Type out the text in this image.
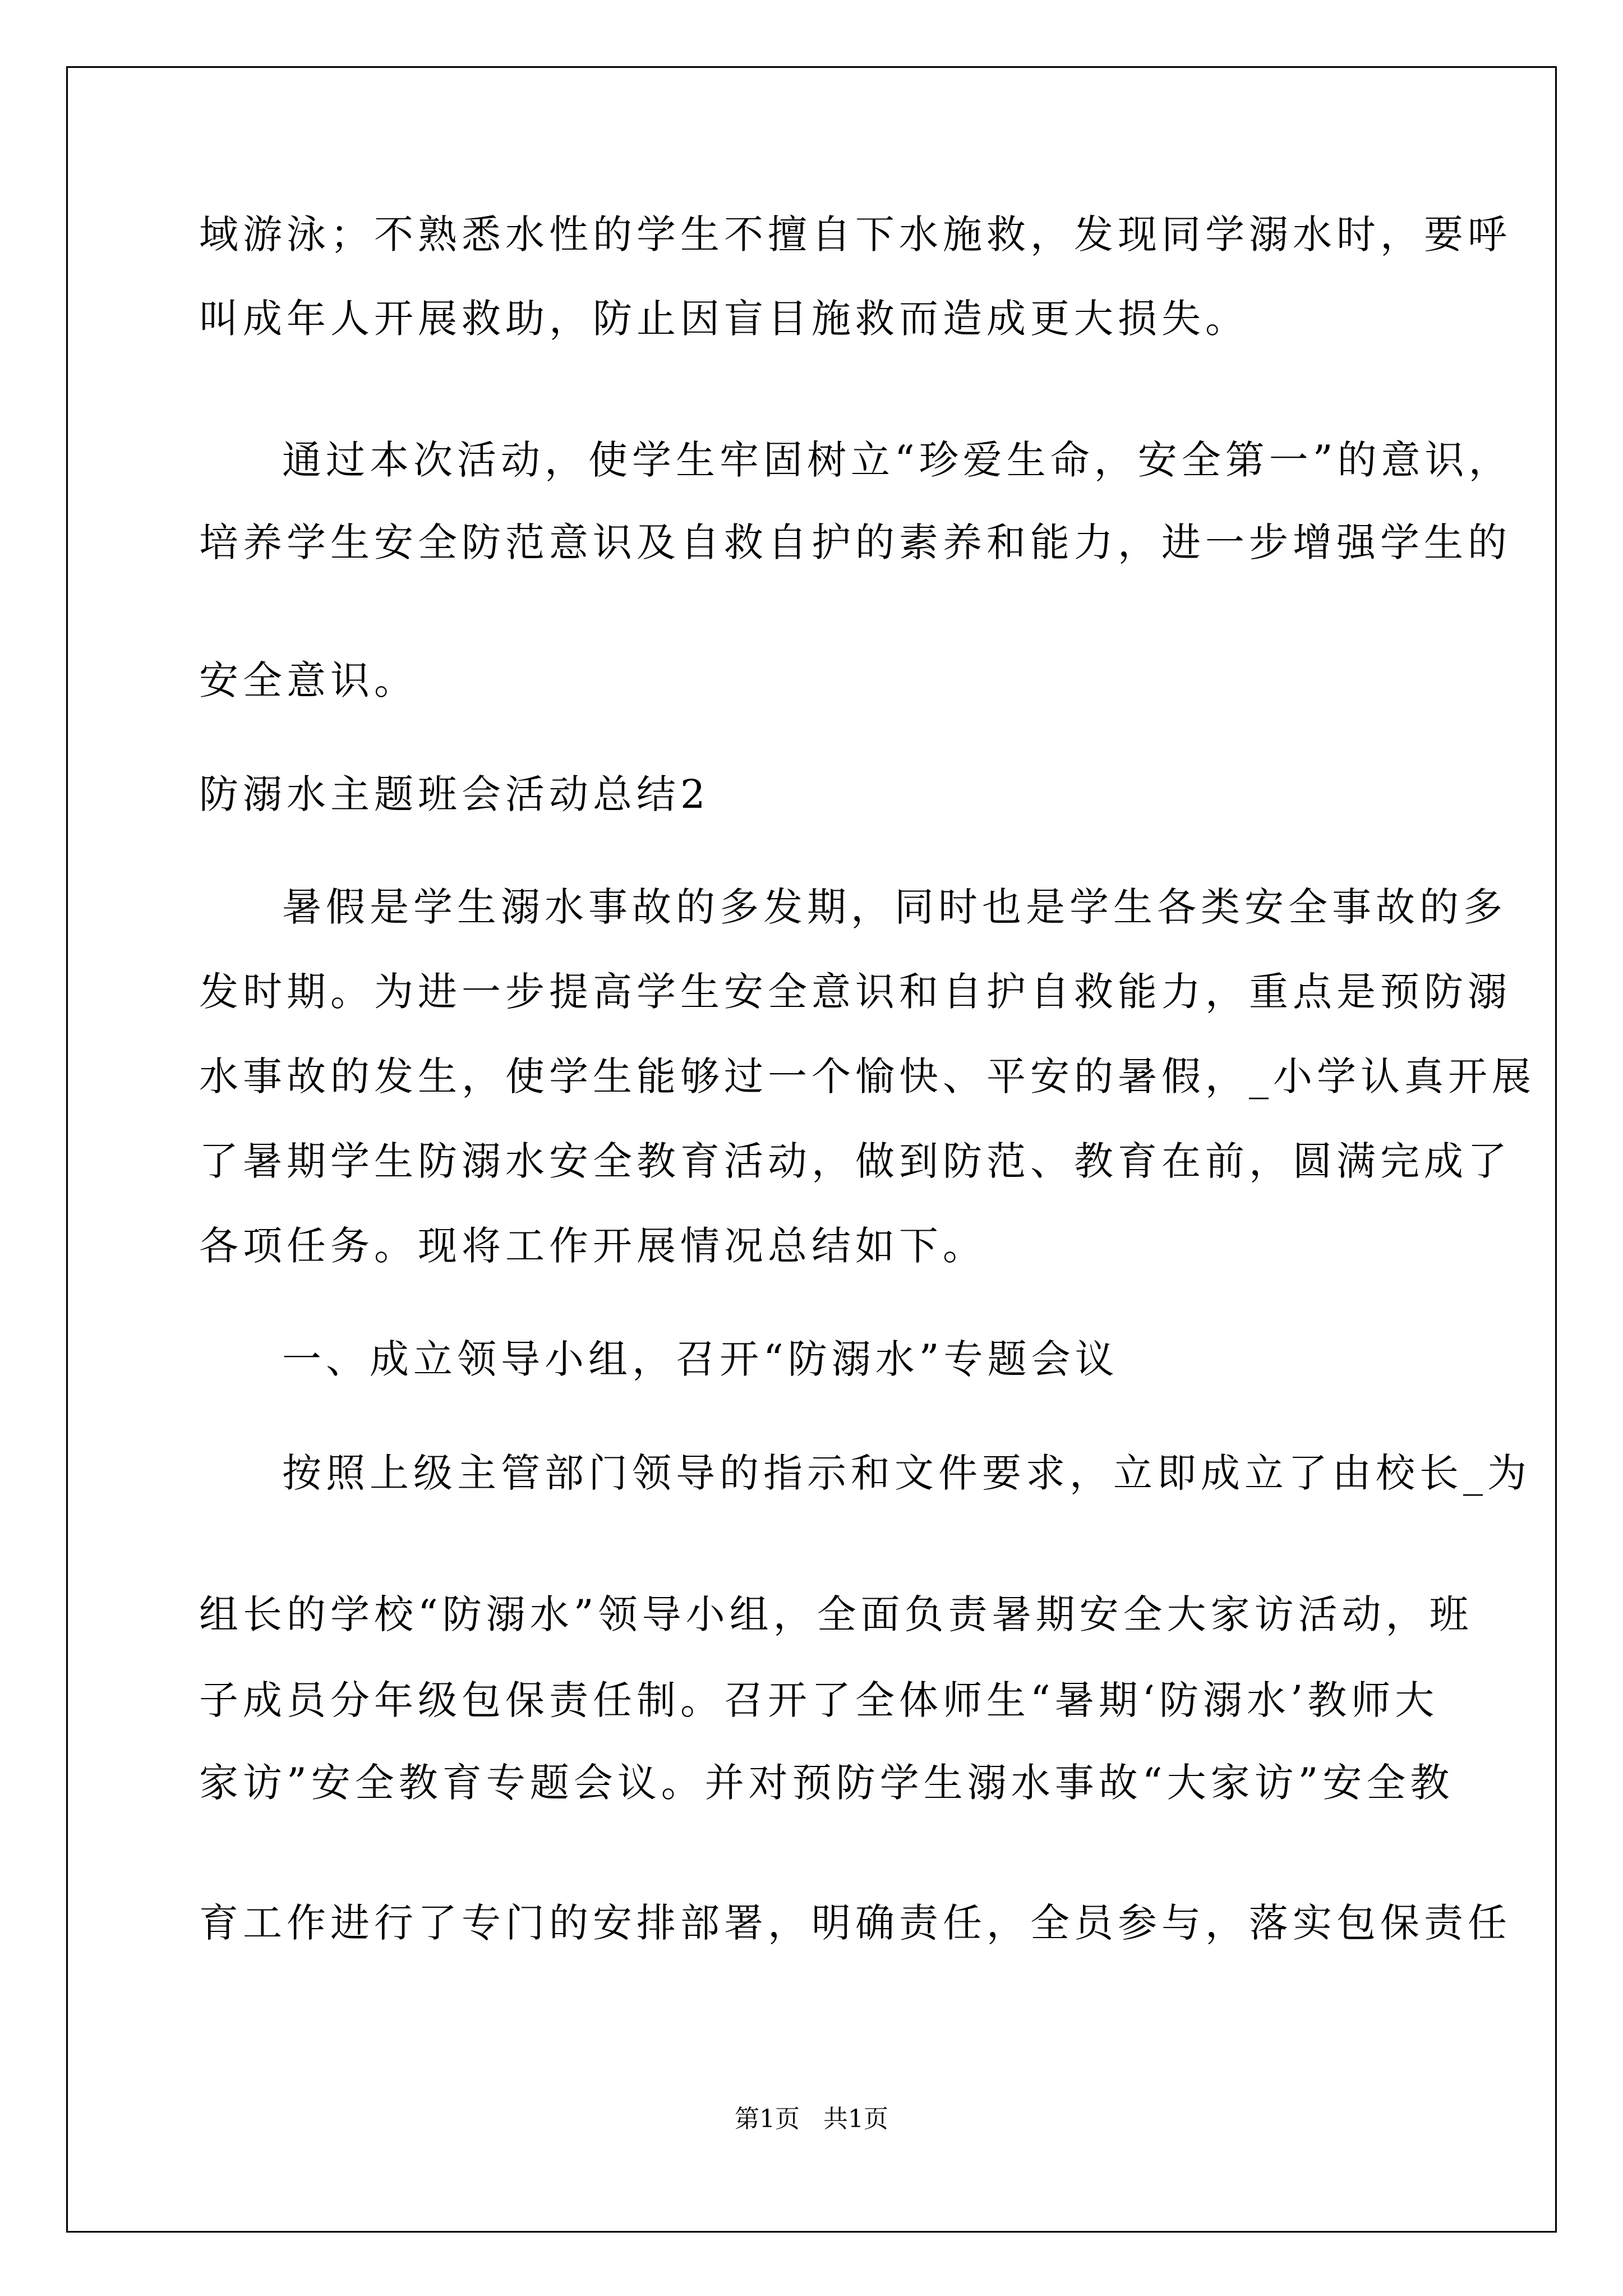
域游泳；不熟悉水性的学生不擅自下水施救，发现同学溺水时，要呼

叫成年人开展救助，防止因盲目施救而造成更大损失。

通过本次活动，使学生牢固树立“珍爱生命，安全第一”的意识，

培养学生安全防范意识及自救自护的素养和能力，进一步增强学生的

安全意识。

防溺水主题班会活动总结2

暑假是学生溺水事故的多发期，同时也是学生各类安全事故的多

发时期。为进一步提高学生安全意识和自护自救能力，重点是预防溺

水事故的发生，使学生能够过一个愉快、平安的暑假，_小学认真开展

了暑期学生防溺水安全教育活动，做到防范、教育在前，圆满完成了

各项任务。现将工作开展情况总结如下。

一、成立领导小组，召开“防溺水”专题会议

按照上级主管部门领导的指示和文件要求，立即成立了由校长_为

组长的学校“防溺水”领导小组，全面负责暑期安全大家访活动，班

子成员分年级包保责任制。召开了全体师生“暑期‘防溺水’教师大

家访”安全教育专题会议。并对预防学生溺水事故“大家访”安全教

育工作进行了专门的安排部署，明确责任，全员参与，落实包保责任

第1页   共1页
